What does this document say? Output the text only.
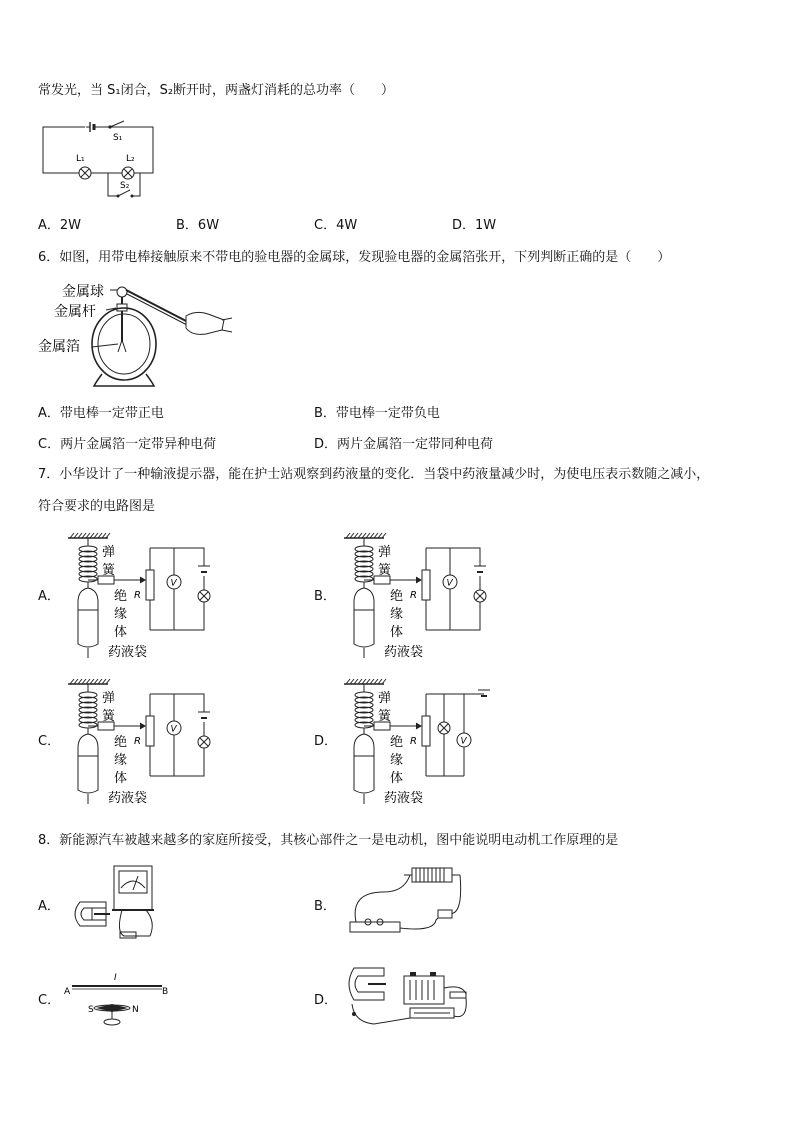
常发光，当 S₁闭合，S₂断开时，两盏灯消耗的总功率（　　）
S₁
L₁	L₂
S₂
A．2W	B．6W	C．4W	D．1W
6．如图，用带电棒接触原来不带电的验电器的金属球，发现验电器的金属箔张开，下列判断正确的是（　　）
金属球
金属杆
金属箔
A．带电棒一定带正电	B．带电棒一定带负电
C．两片金属箔一定带异种电荷	D．两片金属箔一定带同种电荷
7．小华设计了一种输液提示器，能在护士站观察到药液量的变化．当袋中药液量减少时，为使电压表示数随之减小，
符合要求的电路图是
A．	B．
C．	D．
弹
簧
绝
缘
体
药液袋
R
V
弹
簧
绝
缘
体
药液袋
R
V
弹
簧
绝
缘
体
药液袋
R
V
弹
簧
绝
缘
体
药液袋
R	V
8．新能源汽车被越来越多的家庭所接受，其核心部件之一是电动机，图中能说明电动机工作原理的是
A．	B．
C．	D．
A	B
I
S	N
